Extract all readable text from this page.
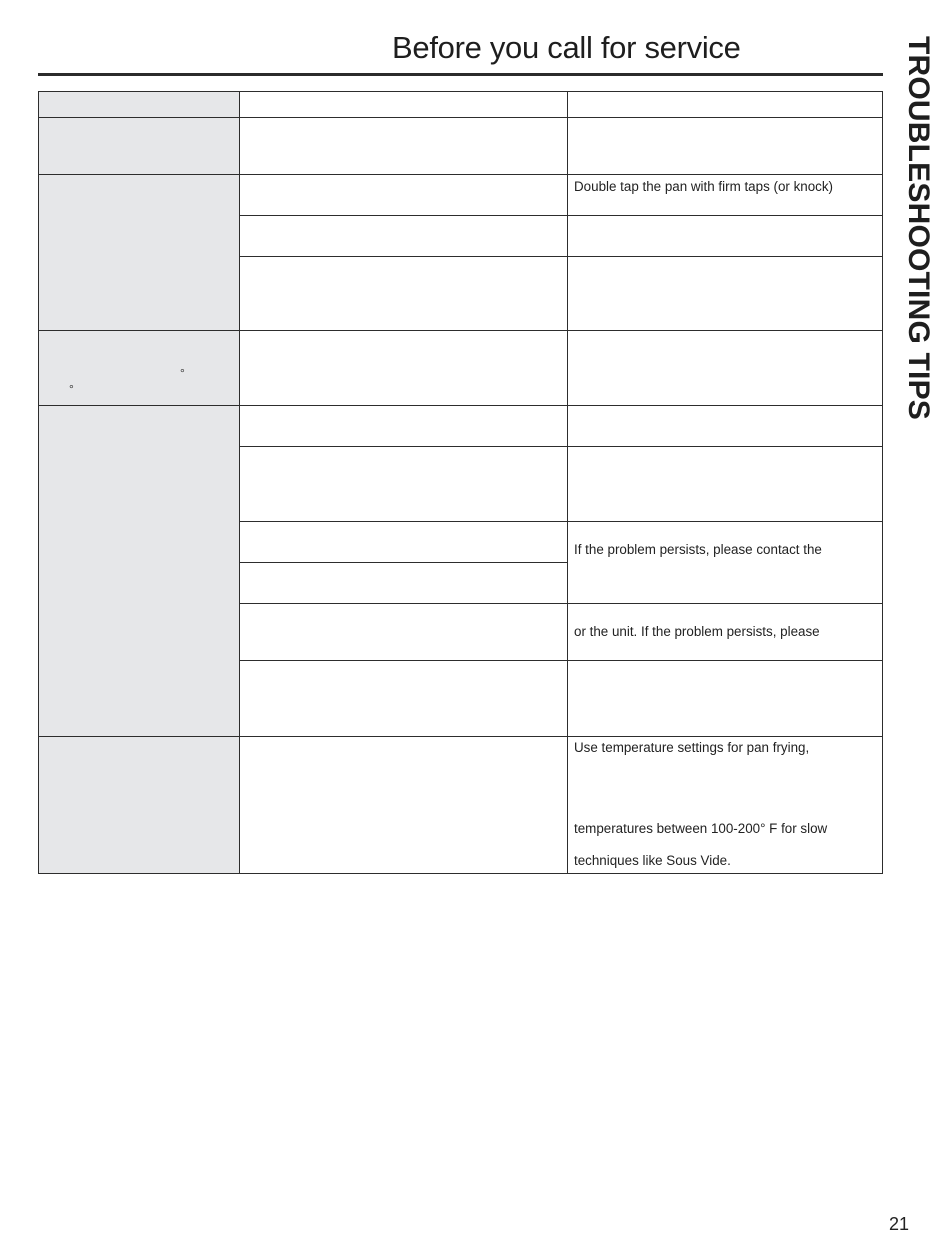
Before you call for service	TROUBLESHOOTING TIPS
°
°
Double tap the pan with firm taps (or knock)
If the problem persists, please contact the
or the unit. If the problem persists, please
Use temperature settings for pan frying,
temperatures between 100-200° F for slow
techniques like Sous Vide.
21
